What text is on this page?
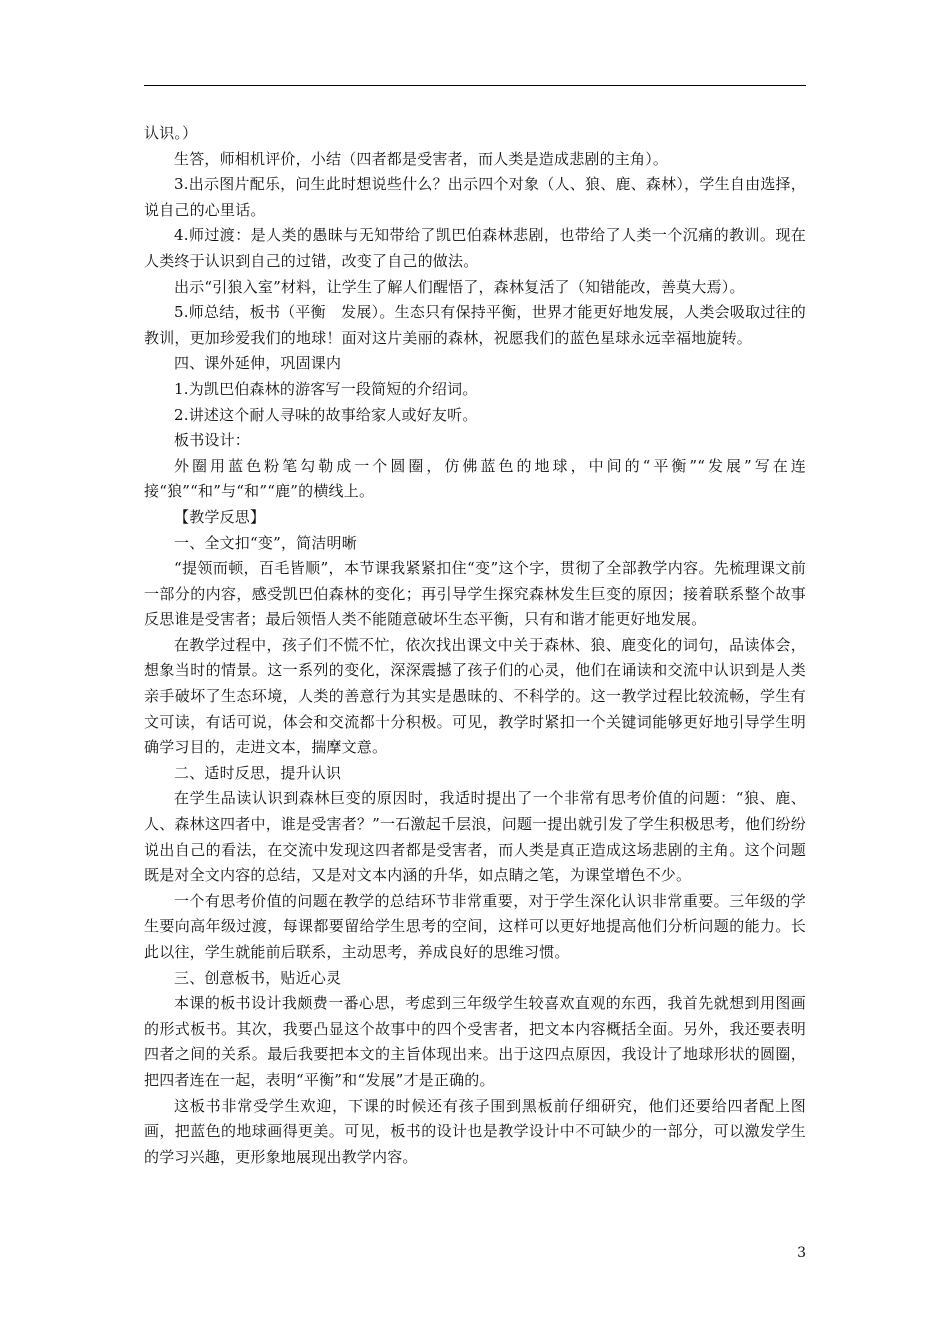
认识。）

生答，师相机评价，小结（四者都是受害者，而人类是造成悲剧的主角）。

3.出示图片配乐，问生此时想说些什么？出示四个对象（人、狼、鹿、森林），学生自由选择，说自己的心里话。

4.师过渡：是人类的愚昧与无知带给了凯巴伯森林悲剧，也带给了人类一个沉痛的教训。现在人类终于认识到自己的过错，改变了自己的做法。

出示“引狼入室”材料，让学生了解人们醒悟了，森林复活了（知错能改，善莫大焉）。

5.师总结，板书（平衡　发展）。生态只有保持平衡，世界才能更好地发展，人类会吸取过往的教训，更加珍爱我们的地球！面对这片美丽的森林，祝愿我们的蓝色星球永远幸福地旋转。

四、课外延伸，巩固课内

1.为凯巴伯森林的游客写一段简短的介绍词。

2.讲述这个耐人寻味的故事给家人或好友听。

板书设计：

外圈用蓝色粉笔勾勒成一个圆圈，仿佛蓝色的地球，中间的“平衡”“发展”写在连接“狼”“和”与“和”“鹿”的横线上。

【教学反思】

一、全文扣“变”，简洁明晰

“提领而顿，百毛皆顺”，本节课我紧紧扣住“变”这个字，贯彻了全部教学内容。先梳理课文前一部分的内容，感受凯巴伯森林的变化；再引导学生探究森林发生巨变的原因；接着联系整个故事反思谁是受害者；最后领悟人类不能随意破坏生态平衡，只有和谐才能更好地发展。

在教学过程中，孩子们不慌不忙，依次找出课文中关于森林、狼、鹿变化的词句，品读体会，想象当时的情景。这一系列的变化，深深震撼了孩子们的心灵，他们在诵读和交流中认识到是人类亲手破坏了生态环境，人类的善意行为其实是愚昧的、不科学的。这一教学过程比较流畅，学生有文可读，有话可说，体会和交流都十分积极。可见，教学时紧扣一个关键词能够更好地引导学生明确学习目的，走进文本，揣摩文意。

二、适时反思，提升认识

在学生品读认识到森林巨变的原因时，我适时提出了一个非常有思考价值的问题：“狼、鹿、人、森林这四者中，谁是受害者？”一石激起千层浪，问题一提出就引发了学生积极思考，他们纷纷说出自己的看法，在交流中发现这四者都是受害者，而人类是真正造成这场悲剧的主角。这个问题既是对全文内容的总结，又是对文本内涵的升华，如点睛之笔，为课堂增色不少。

一个有思考价值的问题在教学的总结环节非常重要，对于学生深化认识非常重要。三年级的学生要向高年级过渡，每课都要留给学生思考的空间，这样可以更好地提高他们分析问题的能力。长此以往，学生就能前后联系，主动思考，养成良好的思维习惯。

三、创意板书，贴近心灵

本课的板书设计我颇费一番心思，考虑到三年级学生较喜欢直观的东西，我首先就想到用图画的形式板书。其次，我要凸显这个故事中的四个受害者，把文本内容概括全面。另外，我还要表明四者之间的关系。最后我要把本文的主旨体现出来。出于这四点原因，我设计了地球形状的圆圈，把四者连在一起，表明“平衡”和“发展”才是正确的。

这板书非常受学生欢迎，下课的时候还有孩子围到黑板前仔细研究，他们还要给四者配上图画，把蓝色的地球画得更美。可见，板书的设计也是教学设计中不可缺少的一部分，可以激发学生的学习兴趣，更形象地展现出教学内容。

3
